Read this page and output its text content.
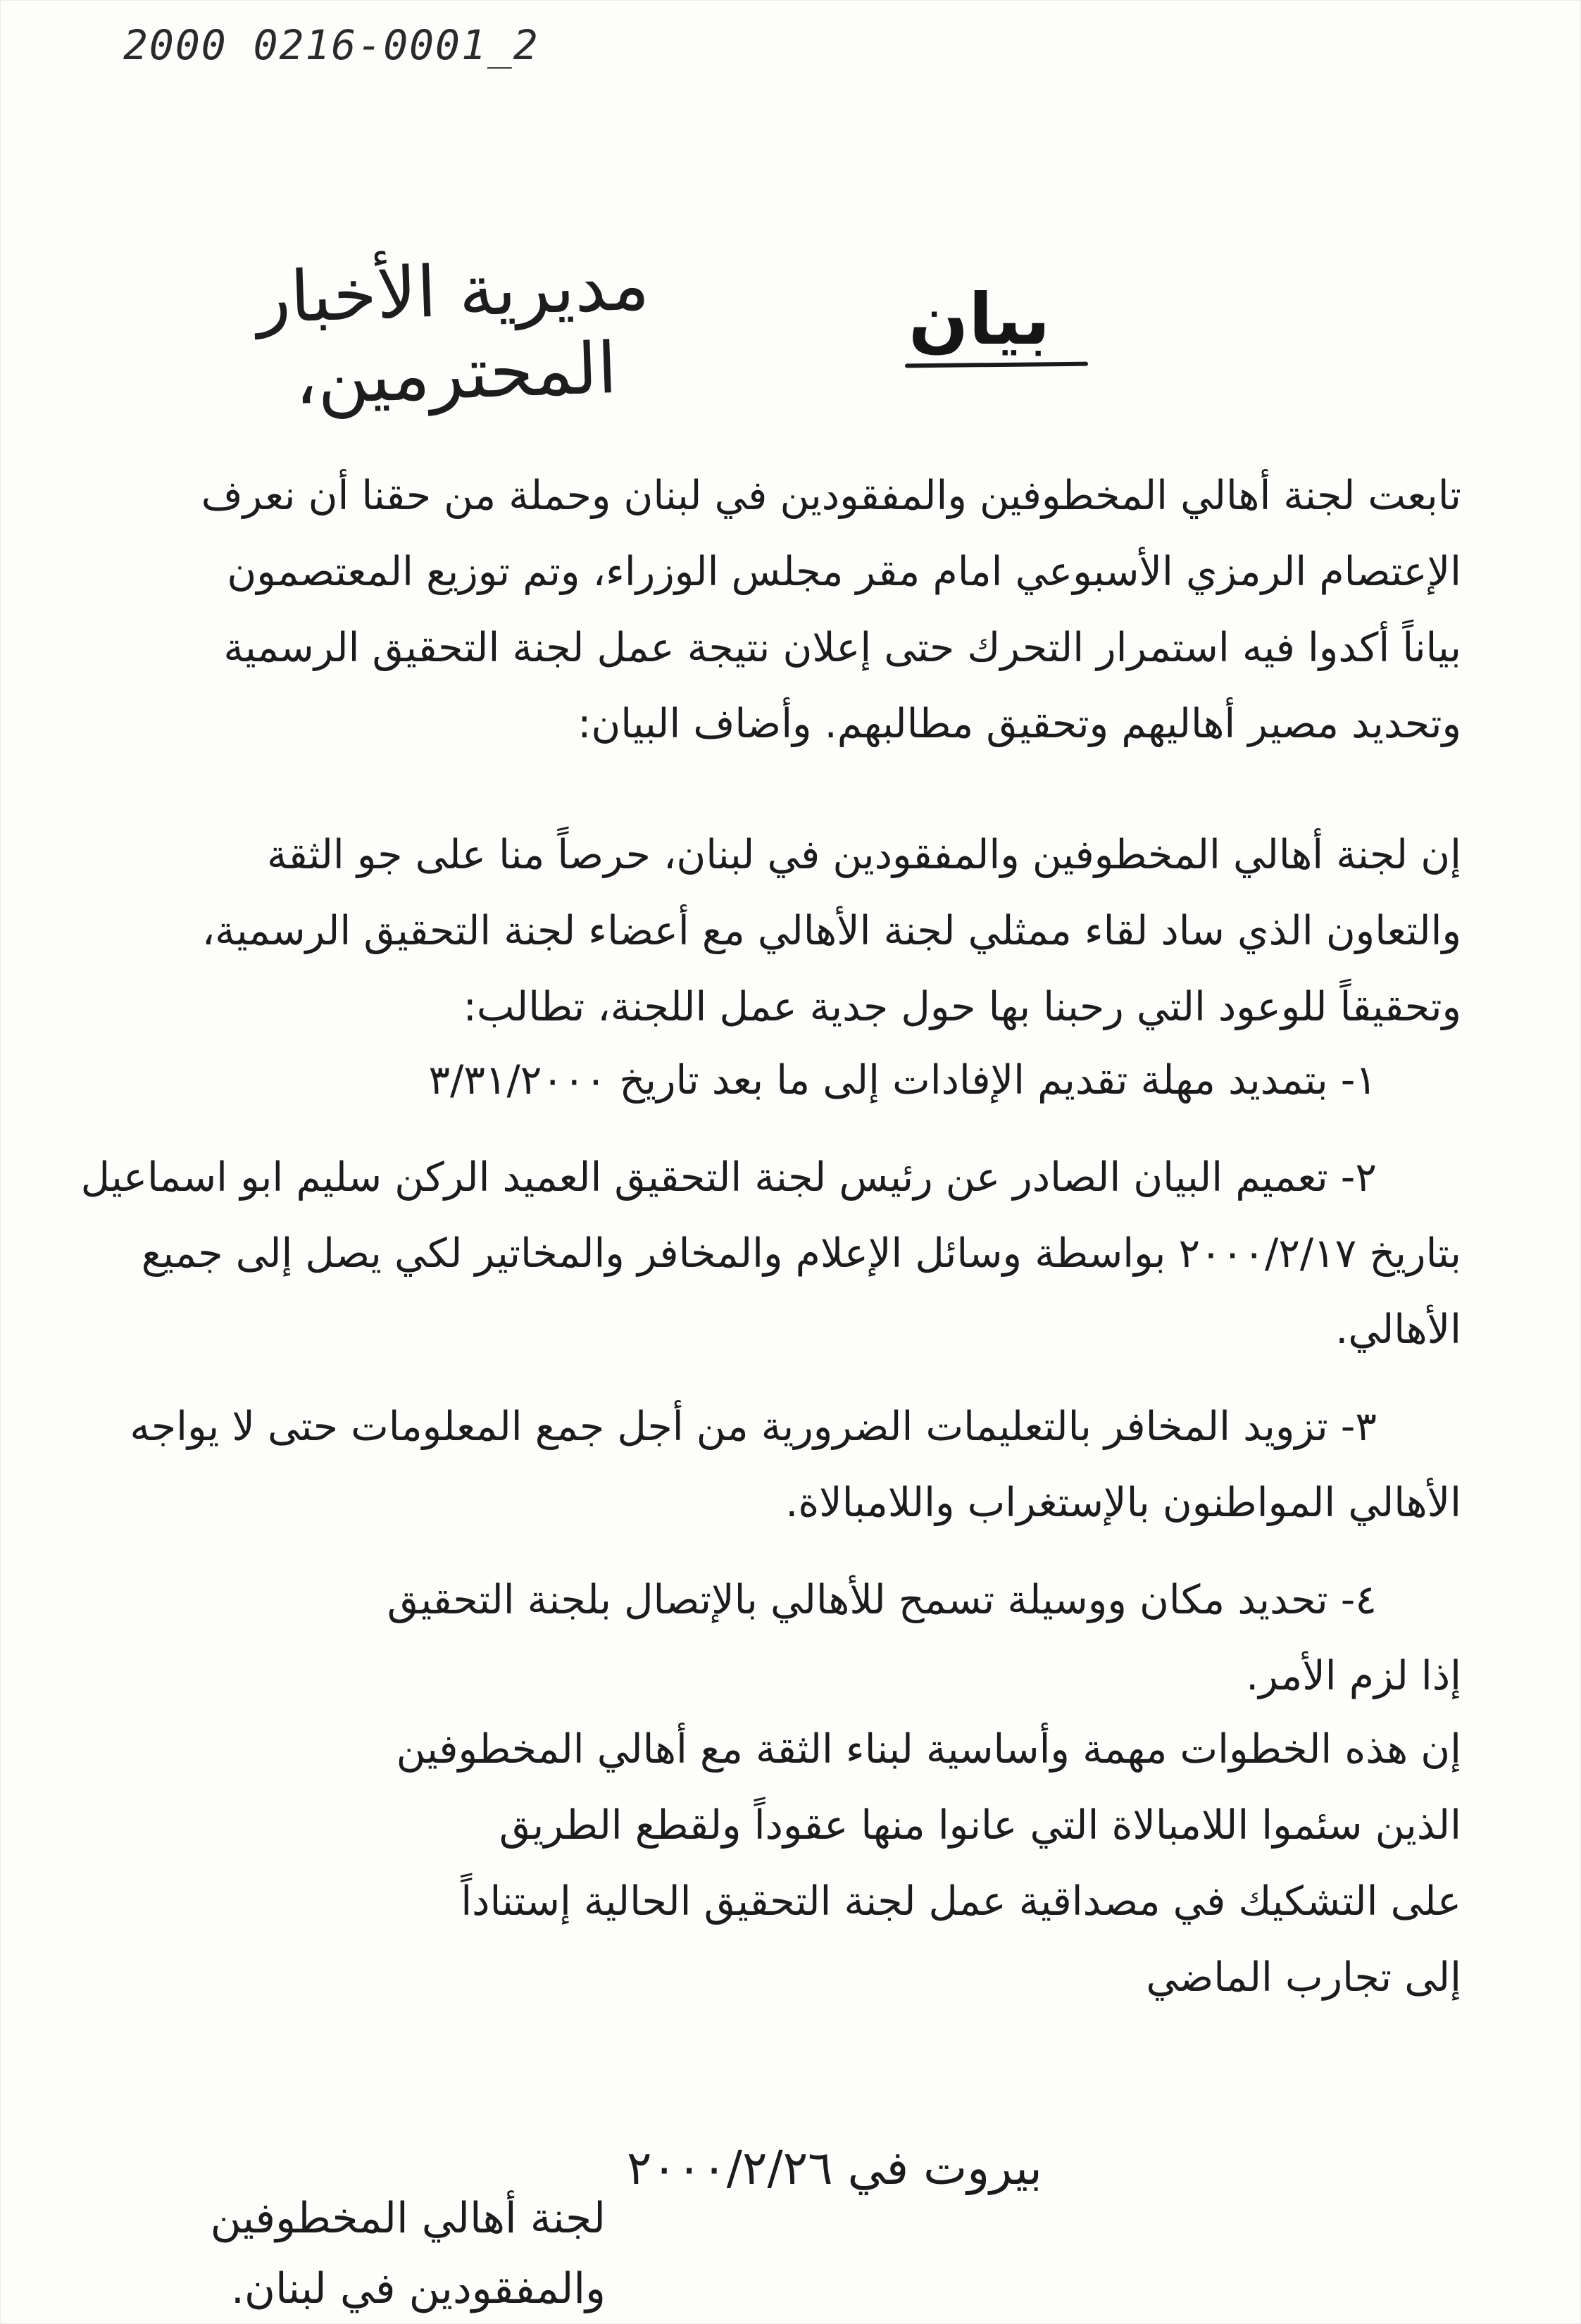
2000 0216-0001_2
مديرية الأخبار المحترمين،
بيان
تابعت لجنة أهالي المخطوفين والمفقودين في لبنان وحملة من حقنا أن نعرف
الإعتصام الرمزي الأسبوعي امام مقر مجلس الوزراء، وتم توزيع المعتصمون
بياناً أكدوا فيه استمرار التحرك حتى إعلان نتيجة عمل لجنة التحقيق الرسمية
وتحديد مصير أهاليهم وتحقيق مطالبهم. وأضاف البيان:
إن لجنة أهالي المخطوفين والمفقودين في لبنان، حرصاً منا على جو الثقة
والتعاون الذي ساد لقاء ممثلي لجنة الأهالي مع أعضاء لجنة التحقيق الرسمية،
وتحقيقاً للوعود التي رحبنا بها حول جدية عمل اللجنة، تطالب:
١- بتمديد مهلة تقديم الإفادات إلى ما بعد تاريخ ٣/٣١/٢٠٠٠
٢- تعميم البيان الصادر عن رئيس لجنة التحقيق العميد الركن سليم ابو اسماعيل
بتاريخ ٢٠٠٠/٢/١٧ بواسطة وسائل الإعلام والمخافر والمخاتير لكي يصل إلى جميع
الأهالي.
٣- تزويد المخافر بالتعليمات الضرورية من أجل جمع المعلومات حتى لا يواجه
الأهالي المواطنون بالإستغراب واللامبالاة.
٤- تحديد مكان ووسيلة تسمح للأهالي بالإتصال بلجنة التحقيق
إذا لزم الأمر.
إن هذه الخطوات مهمة وأساسية لبناء الثقة مع أهالي المخطوفين
الذين سئموا اللامبالاة التي عانوا منها عقوداً ولقطع الطريق
على التشكيك في مصداقية عمل لجنة التحقيق الحالية إستناداً
إلى تجارب الماضي
بيروت في ٢٠٠٠/٢/٢٦
لجنة أهالي المخطوفين
والمفقودين في لبنان.
